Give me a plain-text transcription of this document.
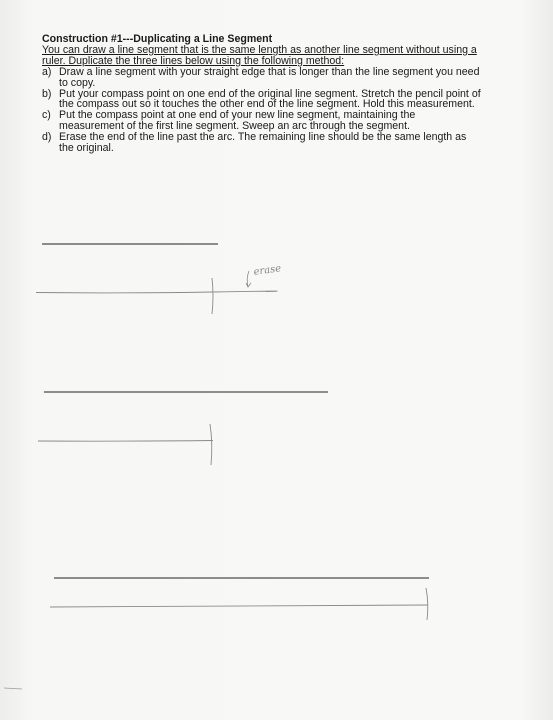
Construction #1---Duplicating a Line Segment

You can draw a line segment that is the same length as another line segment without using a ruler. Duplicate the three lines below using the following method:

a) Draw a line segment with your straight edge that is longer than the line segment you need to copy.
b) Put your compass point on one end of the original line segment. Stretch the pencil point of the compass out so it touches the other end of the line segment. Hold this measurement.
c) Put the compass point at one end of your new line segment, maintaining the measurement of the first line segment. Sweep an arc through the segment.
d) Erase the end of the line past the arc. The remaining line should be the same length as the original.
erase
